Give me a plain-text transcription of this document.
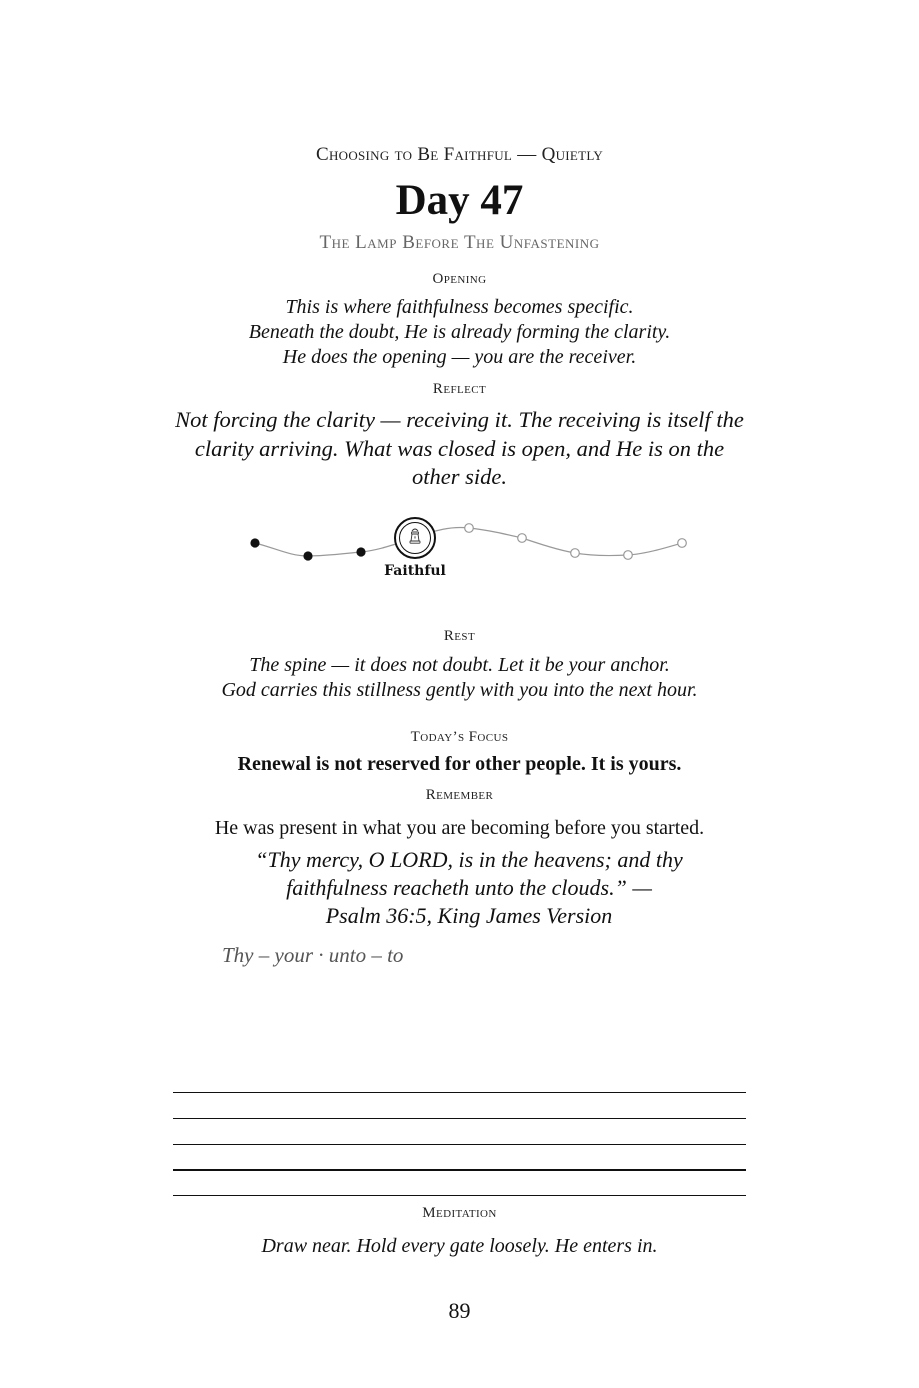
Choosing to Be Faithful — Quietly
Day 47
The Lamp Before The Unfastening
Opening
This is where faithfulness becomes specific.
Beneath the doubt, He is already forming the clarity.
He does the opening — you are the receiver.
Reflect
Not forcing the clarity — receiving it. The receiving is itself the clarity arriving. What was closed is open, and He is on the other side.
Faithful
Rest
The spine — it does not doubt. Let it be your anchor.
God carries this stillness gently with you into the next hour.
Today’s Focus
Renewal is not reserved for other people. It is yours.
Remember
He was present in what you are becoming before you started.
“Thy mercy, O LORD, is in the heavens; and thy
faithfulness reacheth unto the clouds.” —
Psalm 36:5, King James Version
Thy – your · unto – to
Meditation
Draw near. Hold every gate loosely. He enters in.
89
